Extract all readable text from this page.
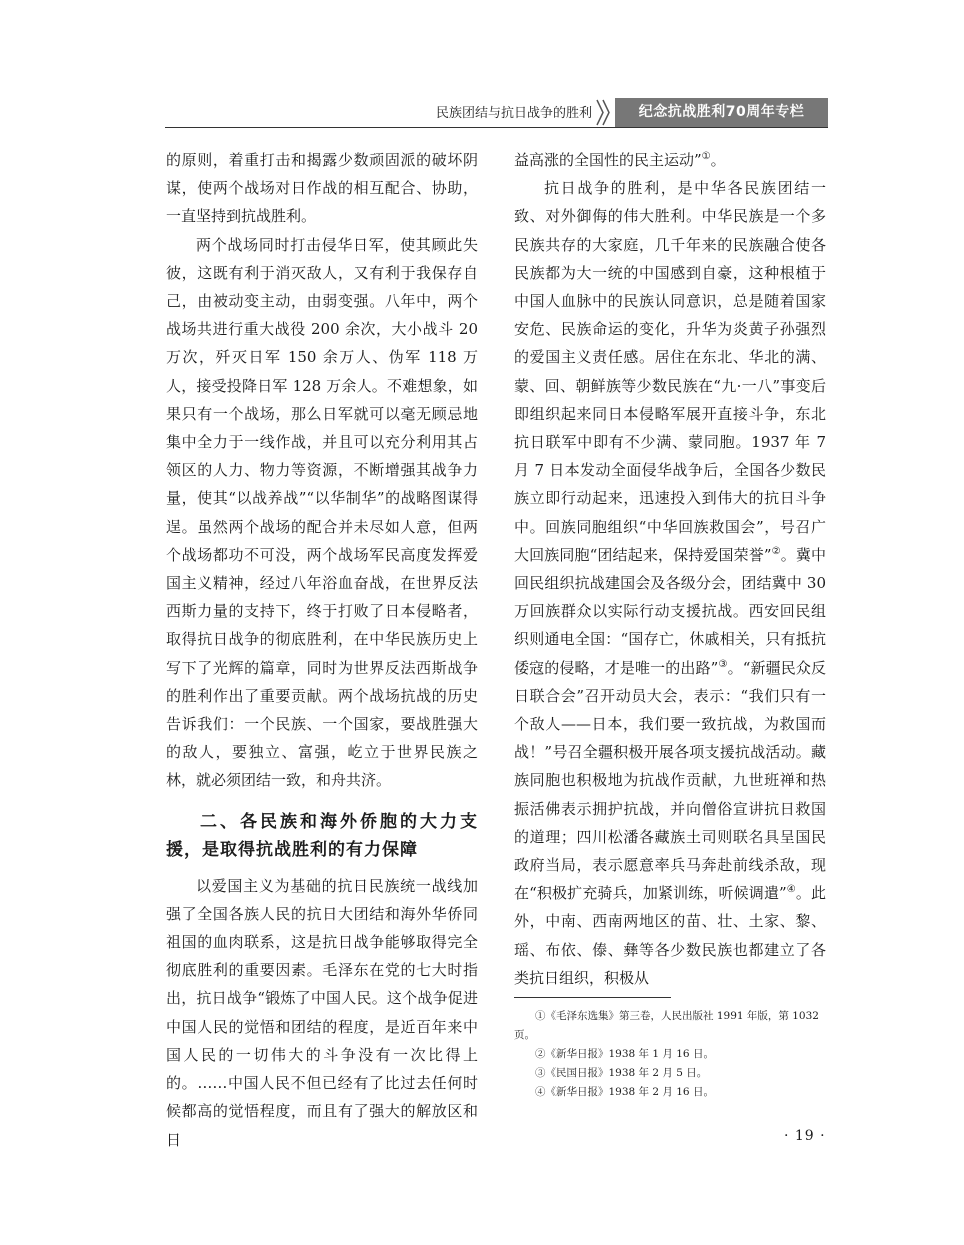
民族团结与抗日战争的胜利	纪念抗战胜利70周年专栏

的原则，着重打击和揭露少数顽固派的破坏阴谋，使两个战场对日作战的相互配合、协助，一直坚持到抗战胜利。

两个战场同时打击侵华日军，使其顾此失彼，这既有利于消灭敌人，又有利于我保存自己，由被动变主动，由弱变强。八年中，两个战场共进行重大战役 200 余次，大小战斗 20 万次，歼灭日军 150 余万人、伪军 118 万人，接受投降日军 128 万余人。不难想象，如果只有一个战场，那么日军就可以毫无顾忌地集中全力于一线作战，并且可以充分利用其占领区的人力、物力等资源，不断增强其战争力量，使其“以战养战”“以华制华”的战略图谋得逞。虽然两个战场的配合并未尽如人意，但两个战场都功不可没，两个战场军民高度发挥爱国主义精神，经过八年浴血奋战，在世界反法西斯力量的支持下，终于打败了日本侵略者，取得抗日战争的彻底胜利，在中华民族历史上写下了光辉的篇章，同时为世界反法西斯战争的胜利作出了重要贡献。两个战场抗战的历史告诉我们：一个民族、一个国家，要战胜强大的敌人，要独立、富强，屹立于世界民族之林，就必须团结一致，和舟共济。

二、各民族和海外侨胞的大力支援，是取得抗战胜利的有力保障

以爱国主义为基础的抗日民族统一战线加强了全国各族人民的抗日大团结和海外华侨同祖国的血肉联系，这是抗日战争能够取得完全彻底胜利的重要因素。毛泽东在党的七大时指出，抗日战争“锻炼了中国人民。这个战争促进中国人民的觉悟和团结的程度，是近百年来中国人民的一切伟大的斗争没有一次比得上的。……中国人民不但已经有了比过去任何时候都高的觉悟程度，而且有了强大的解放区和日

益高涨的全国性的民主运动”①。

抗日战争的胜利，是中华各民族团结一致、对外御侮的伟大胜利。中华民族是一个多民族共存的大家庭，几千年来的民族融合使各民族都为大一统的中国感到自豪，这种根植于中国人血脉中的民族认同意识，总是随着国家安危、民族命运的变化，升华为炎黄子孙强烈的爱国主义责任感。居住在东北、华北的满、蒙、回、朝鲜族等少数民族在“九·一八”事变后即组织起来同日本侵略军展开直接斗争，东北抗日联军中即有不少满、蒙同胞。1937 年 7 月 7 日本发动全面侵华战争后，全国各少数民族立即行动起来，迅速投入到伟大的抗日斗争中。回族同胞组织“中华回族救国会”，号召广大回族同胞“团结起来，保持爱国荣誉”②。冀中回民组织抗战建国会及各级分会，团结冀中 30 万回族群众以实际行动支援抗战。西安回民组织则通电全国：“国存亡，休戚相关，只有抵抗倭寇的侵略，才是唯一的出路”③。“新疆民众反日联合会”召开动员大会，表示：“我们只有一个敌人——日本，我们要一致抗战，为救国而战！”号召全疆积极开展各项支援抗战活动。藏族同胞也积极地为抗战作贡献，九世班禅和热振活佛表示拥护抗战，并向僧俗宣讲抗日救国的道理；四川松潘各藏族土司则联名具呈国民政府当局，表示愿意率兵马奔赴前线杀敌，现在“积极扩充骑兵，加紧训练，听候调遣”④。此外，中南、西南两地区的苗、壮、土家、黎、瑶、布依、傣、彝等各少数民族也都建立了各类抗日组织，积极从

①《毛泽东选集》第三卷，人民出版社 1991 年版，第 1032 页。

②《新华日报》1938 年 1 月 16 日。

③《民国日报》1938 年 2 月 5 日。

④《新华日报》1938 年 2 月 16 日。

· 19 ·
